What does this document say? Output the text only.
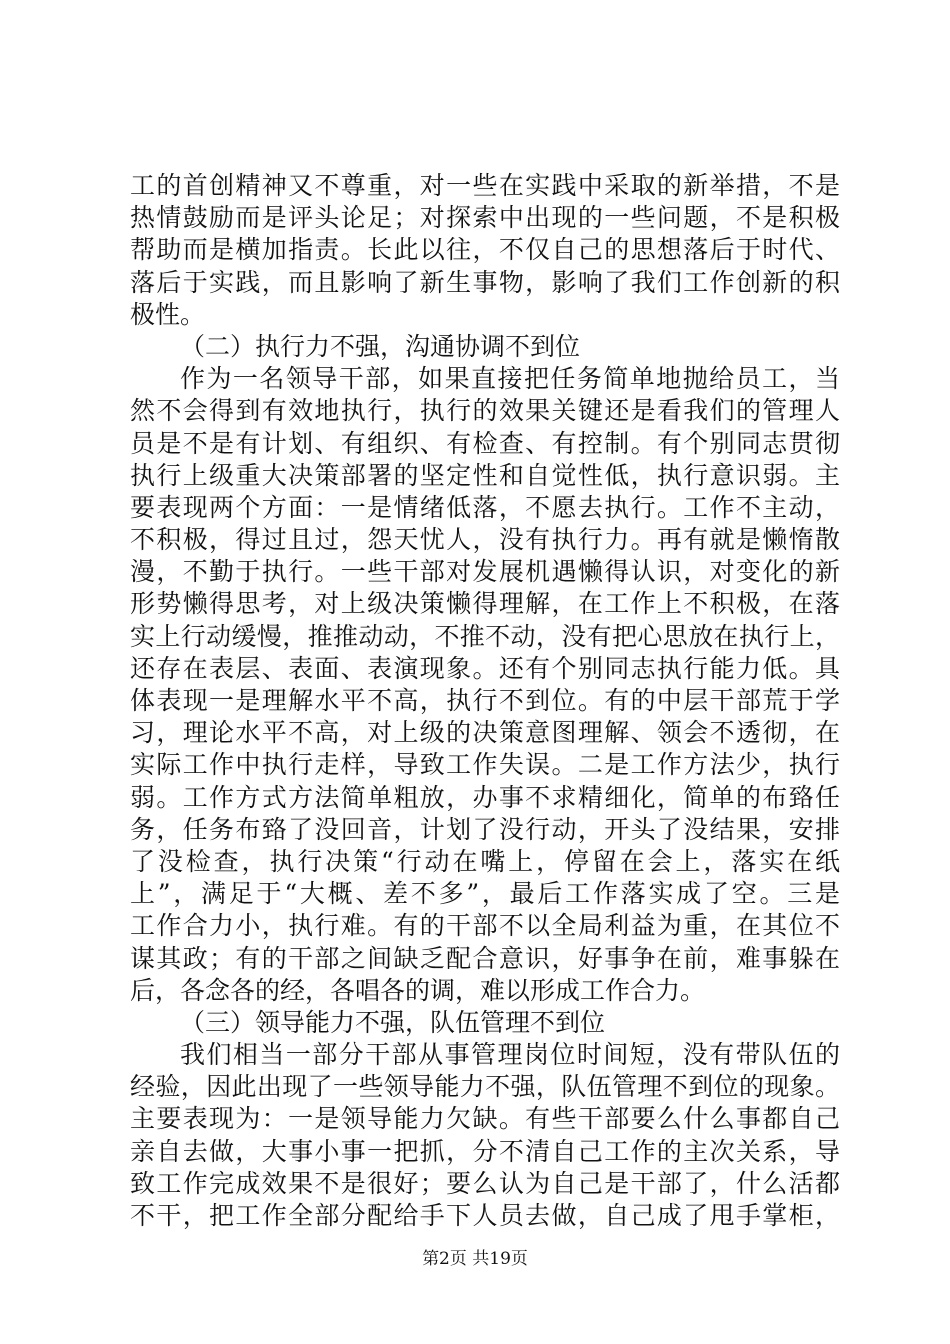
工的首创精神又不尊重，对一些在实践中采取的新举措，不是
热情鼓励而是评头论足；对探索中出现的一些问题，不是积极
帮助而是横加指责。长此以往，不仅自己的思想落后于时代、
落后于实践，而且影响了新生事物，影响了我们工作创新的积
极性。
（二）执行力不强，沟通协调不到位
作为一名领导干部，如果直接把任务简单地抛给员工，当
然不会得到有效地执行，执行的效果关键还是看我们的管理人
员是不是有计划、有组织、有检查、有控制。有个别同志贯彻
执行上级重大决策部署的坚定性和自觉性低，执行意识弱。主
要表现两个方面：一是情绪低落，不愿去执行。工作不主动，
不积极，得过且过，怨天忧人，没有执行力。再有就是懒惰散
漫，不勤于执行。一些干部对发展机遇懒得认识，对变化的新
形势懒得思考，对上级决策懒得理解，在工作上不积极，在落
实上行动缓慢，推推动动，不推不动，没有把心思放在执行上，
还存在表层、表面、表演现象。还有个别同志执行能力低。具
体表现一是理解水平不高，执行不到位。有的中层干部荒于学
习，理论水平不高，对上级的决策意图理解、领会不透彻，在
实际工作中执行走样，导致工作失误。二是工作方法少，执行
弱。工作方式方法简单粗放，办事不求精细化，简单的布臵任
务，任务布臵了没回音，计划了没行动，开头了没结果，安排
了没检查，执行决策“行动在嘴上，停留在会上，落实在纸
上”，满足于“大概、差不多”，最后工作落实成了空。三是
工作合力小，执行难。有的干部不以全局利益为重，在其位不
谋其政；有的干部之间缺乏配合意识，好事争在前，难事躲在
后，各念各的经，各唱各的调，难以形成工作合力。
（三）领导能力不强，队伍管理不到位
我们相当一部分干部从事管理岗位时间短，没有带队伍的
经验，因此出现了一些领导能力不强，队伍管理不到位的现象。
主要表现为：一是领导能力欠缺。有些干部要么什么事都自己
亲自去做，大事小事一把抓，分不清自己工作的主次关系，导
致工作完成效果不是很好；要么认为自己是干部了，什么活都
不干，把工作全部分配给手下人员去做，自己成了甩手掌柜，
第2页 共19页
